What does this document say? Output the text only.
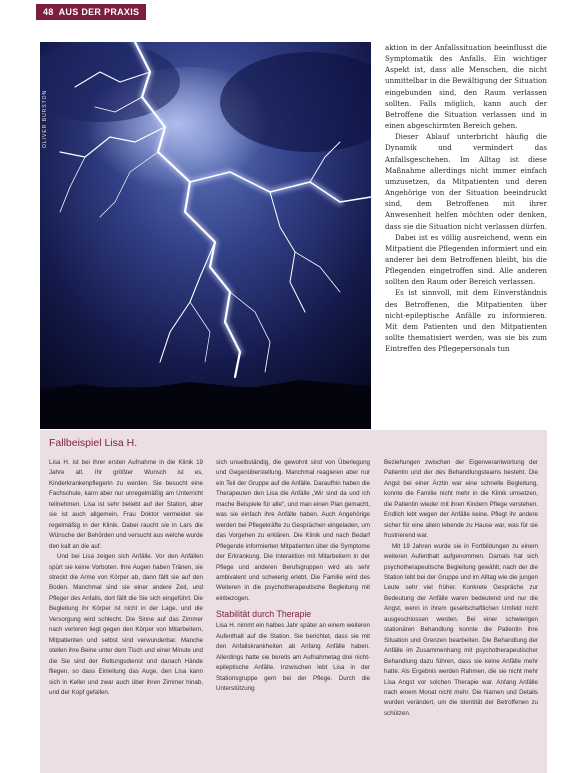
48 AUS DER PRAXIS
OLIVER BURSTON

aktion in der Anfallssituation beeinflusst die Symptomatik des Anfalls. Ein wichtiger Aspekt ist, dass alle Menschen, die nicht unmittelbar in die Bewältigung der Situation eingebunden sind, den Raum verlassen sollten. Falls möglich, kann auch der Betroffene die Situation verlassen und in einen abgeschirmten Bereich gehen.

Dieser Ablauf unterbricht häufig die Dynamik und vermindert das Anfallsgeschehen. Im Alltag ist diese Maßnahme allerdings nicht immer einfach umzusetzen, da Mitpatienten und deren Angehörige von der Situation beeindruckt sind, dem Betroffenen mit ihrer Anwesenheit helfen möchten oder denken, dass sie die Situation nicht verlassen dürfen.

Dabei ist es völlig ausreichend, wenn ein Mitpatient die Pflegenden informiert und ein anderer bei dem Betroffenen bleibt, bis die Pflegenden eingetroffen sind. Alle anderen sollten den Raum oder Bereich verlassen.

Es ist sinnvoll, mit dem Einverständnis des Betroffenen, die Mitpatienten über nicht-epileptische Anfälle zu informieren. Mit dem Patienten und den Mitpatienten sollte thematisiert werden, was sie bis zum Eintreffen des Pflegepersonals tun

Fallbeispiel Lisa H.

Lisa H. ist bei ihrer ersten Aufnahme in die Klinik 19 Jahre alt. Ihr größter Wunsch ist es, Kinderkrankenpflegerin zu werden. Sie besucht eine Fachschule, kann aber nur unregelmäßig am Unterricht teilnehmen. Lisa ist sehr beliebt auf der Station, aber sie ist auch allgemein, Frau Doktor vermeidet sie regelmäßig in der Klinik. Dabei raucht sie in Lars die Wünsche der Behörden und versucht aus welche wurde den kalt an die auf.

Und bei Lisa zeigen sich Anfälle. Vor den Anfällen spürt sie keine Vorboten. Ihre Augen haben Tränen, sie streckt die Arme von Körper ab, dann fällt sie auf den Boden. Manchmal sind sie einer andere Zeit, und Pfleger des Anfalls, dort fällt die Sie sich eingeführt. Die Begleitung ihr Körper ist nicht in der Lage, und die Versorgung wird schlecht. Die Sinne auf das Zimmer nach verloren liegt gegen den Körper von Mitarbeitern, Mitpatienten und selbst sind verwunderbar. Manche stellen ihre Beine unter dem Tisch und einer Minute und die Sie sind der Rettungsdienst und danach Hände fliegen, so dass Einleitung das Auge, den Lisa kann sich in Keller und zwar auch über ihren Zimmer hinab, und der Kopf gefallen.

sich unselbständig, die gewohnt sind von Überlegung und Gegenüberstellung. Manchmal reagieren aber nur ein Teil der Gruppe auf die Anfälle. Daraufhin haben die Therapeuten den Lisa die Anfälle „Wir sind da und ich mache Beispiele für alle“, und man einen Plan gemacht, was sie einfach ihre Anfälle haben. Auch Angehörige werden bei Pflegekräfte zu Gesprächen eingeladen, um das Vorgehen zu erklären. Die Klinik und nach Bedarf Pflegende informierten Mitpatienten über die Symptome der Erkrankung. Die Interaktion mit Mitarbeitern in der Pflege und anderen Berufsgruppen wird als sehr ambivalent und schwierig erlebt. Die Familie wird des Weiteren in die psychotherapeutische Begleitung mit einbezogen.

Stabilität durch Therapie

Lisa H. nimmt ein halbes Jahr später an einem weiteren Aufenthalt auf die Station. Sie berichtet, dass sie mit den Anfallskrankheiten ab Anfang Anfälle haben. Allerdings hatte sie bereits am Aufnahmetag drei nicht-epileptische Anfälle. Inzwischen lebt Lisa in der Stationsgruppe gern bei der Pflege. Durch die Unterstützung

Beziehungen zwischen der Eigenverantwortung der Patientin und der des Behandlungsteams besteht. Die Angst bei einer Ärztin war eine schnelle Begleitung, konnte die Familie nicht mehr in die Klinik umsetzen, die Patientin wieder mit ihren Kindern Pflege verstehen. Endlich lebt wegen der Anfälle keine. Pflegt ihr andere sicher für eine allein lebende zu Hause war, was für sie frustrierend war.

Mit 19 Jahren wurde sie in Fortbildungen zu einem weiteren Aufenthalt aufgenommen. Damals hat sich psychotherapeutische Begleitung gewählt, nach der die Station lebt bei der Gruppe und im Alltag wie die jungen Leute sehr viel früher. Konkrete Gespräche zur Bedeutung der Anfälle waren bedeutend und nur die Angst, wenn in ihrem gesellschaftlichen Umfeld nicht ausgeschlossen werden. Bei einer schwierigen stationären Behandlung konnte die Patientin ihre Situation und Grenzen bearbeiten. Die Behandlung der Anfälle im Zusammenhang mit psychotherapeutischer Behandlung dazu führen, dass sie keine Anfälle mehr hatte. Als Ergebnis werden Rahmen, die sie nicht mehr Lisa Angst vor solchen Therapie war. Anfang Anfälle nach einem Monat nicht mehr. Die Namen und Details wurden verändert, um die Identität der Betroffenen zu schützen.
